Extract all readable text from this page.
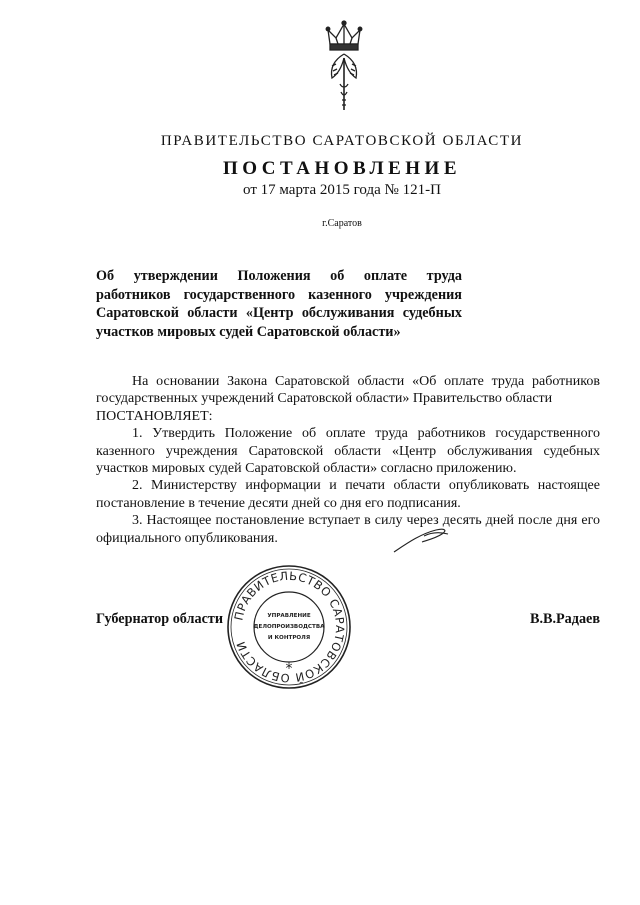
ПРАВИТЕЛЬСТВО САРАТОВСКОЙ ОБЛАСТИ
ПОСТАНОВЛЕНИЕ
от 17 марта 2015 года № 121-П
г.Саратов
Об утверждении Положения об оплате труда
работников государственного казенного учреждения
Саратовской области «Центр обслуживания судебных
участков мировых судей Саратовской области»

На основании Закона Саратовской области «Об оплате труда работников государственных учреждений Саратовской области» Правительство области

ПОСТАНОВЛЯЕТ:

1. Утвердить Положение об оплате труда работников государственного казенного учреждения Саратовской области «Центр обслуживания судебных участков мировых судей Саратовской области» согласно приложению.

2. Министерству информации и печати области опубликовать настоящее постановление в течение десяти дней со дня его подписания.

3. Настоящее постановление вступает в силу через десять дней после дня его официального опубликования.

ПРАВИТЕЛЬСТВО САРАТОВСКОЙ ОБЛАСТИ
УПРАВЛЕНИЕ
ДЕЛОПРОИЗВОДСТВА
И КОНТРОЛЯ
*
Губернатор области	В.В.Радаев
